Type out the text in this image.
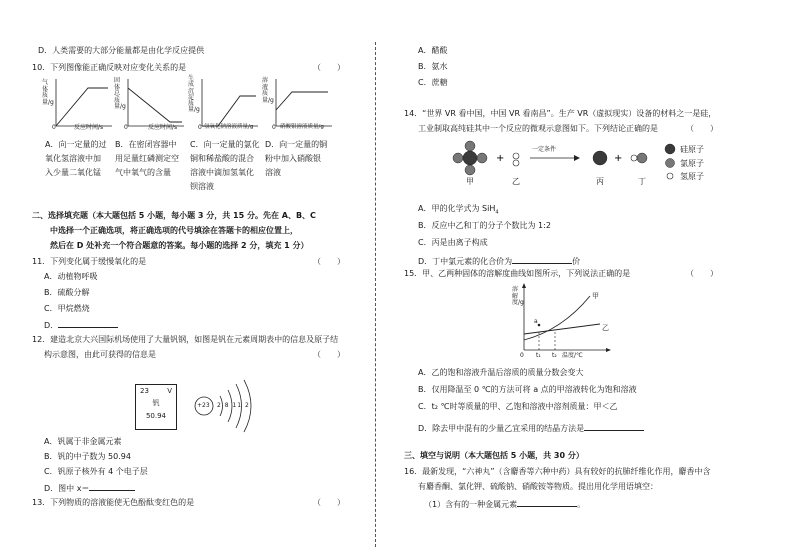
D．人类需要的大部分能量都是由化学反应提供
10．下列图像能正确反映对应变化关系的是	（　　）
气体质量/g
0	反应时间/s
固体总质量/g
0	反应时间/s
生成沉淀质量/g
0 氢氧化钠溶液质量/g
溶液质量/g
0 硝酸银溶液质量/g
A．向一定量的过
氧化氢溶液中加
入少量二氧化锰
B．在密闭容器中
用足量红磷测定空
气中氧气的含量
C．向一定量的氯化
铜和稀盐酸的混合
溶液中滴加氢氧化
钡溶液
D．向一定量的铜
粉中加入硝酸银
溶液
二、选择填充题（本大题包括 5 小题，每小题 3 分，共 15 分。先在 A、B、C
中选择一个正确选项，将正确选项的代号填涂在答题卡的相应位置上，
然后在 D 处补充一个符合题意的答案。每小题的选择 2 分，填充 1 分）
11．下列变化属于缓慢氧化的是	（　　）
A．动植物呼吸
B．硫酸分解
C．甲烷燃烧
D．
12．建造北京大兴国际机场使用了大量钒钢，如图是钒在元素周期表中的信息及原子结
构示意图，由此可获得的信息是	（　　）
23	V
钒
50.94
+23 2 8 11 2
A．钒属于非金属元素
B．钒的中子数为 50.94
C．钒原子核外有 4 个电子层
D．图中 x＝
13．下列物质的溶液能使无色酚酞变红色的是	（　　）
A．醋酸
B．氨水
C．蔗糖
14．“世界 VR 看中国，中国 VR 看南昌”。生产 VR（虚拟现实）设备的材料之一是硅，
工业制取高纯硅其中一个反应的微观示意图如下。下列结论正确的是	（　　）
+	+
一定条件
甲	乙	丙	丁
硅原子
氯原子
氢原子
A．甲的化学式为 SiH$_4$
B．反应中乙和丁的分子个数比为 1:2
C．丙是由离子构成
D．丁中氯元素的化合价为	价
15．甲、乙两种固体的溶解度曲线如图所示，下列说法正确的是	（　　）
溶解度/g
0 t₁ t₂ 温度/℃
a
甲
乙
A．乙的饱和溶液升温后溶质的质量分数会变大
B．仅用降温至 0 ℃的方法可将 a 点的甲溶液转化为饱和溶液
C．t₂ ℃时等质量的甲、乙饱和溶液中溶剂质量：甲＜乙
D．除去甲中混有的少量乙宜采用的结晶方法是
三、填空与说明（本大题包括 5 小题，共 30 分）
16．最新发现，“六神丸”（含麝香等六种中药）具有较好的抗肺纤维化作用，麝香中含
有麝香酮、氯化钾、硫酸钠、硝酸铵等物质。提出用化学用语填空：
（1）含有的一种金属元素	。
